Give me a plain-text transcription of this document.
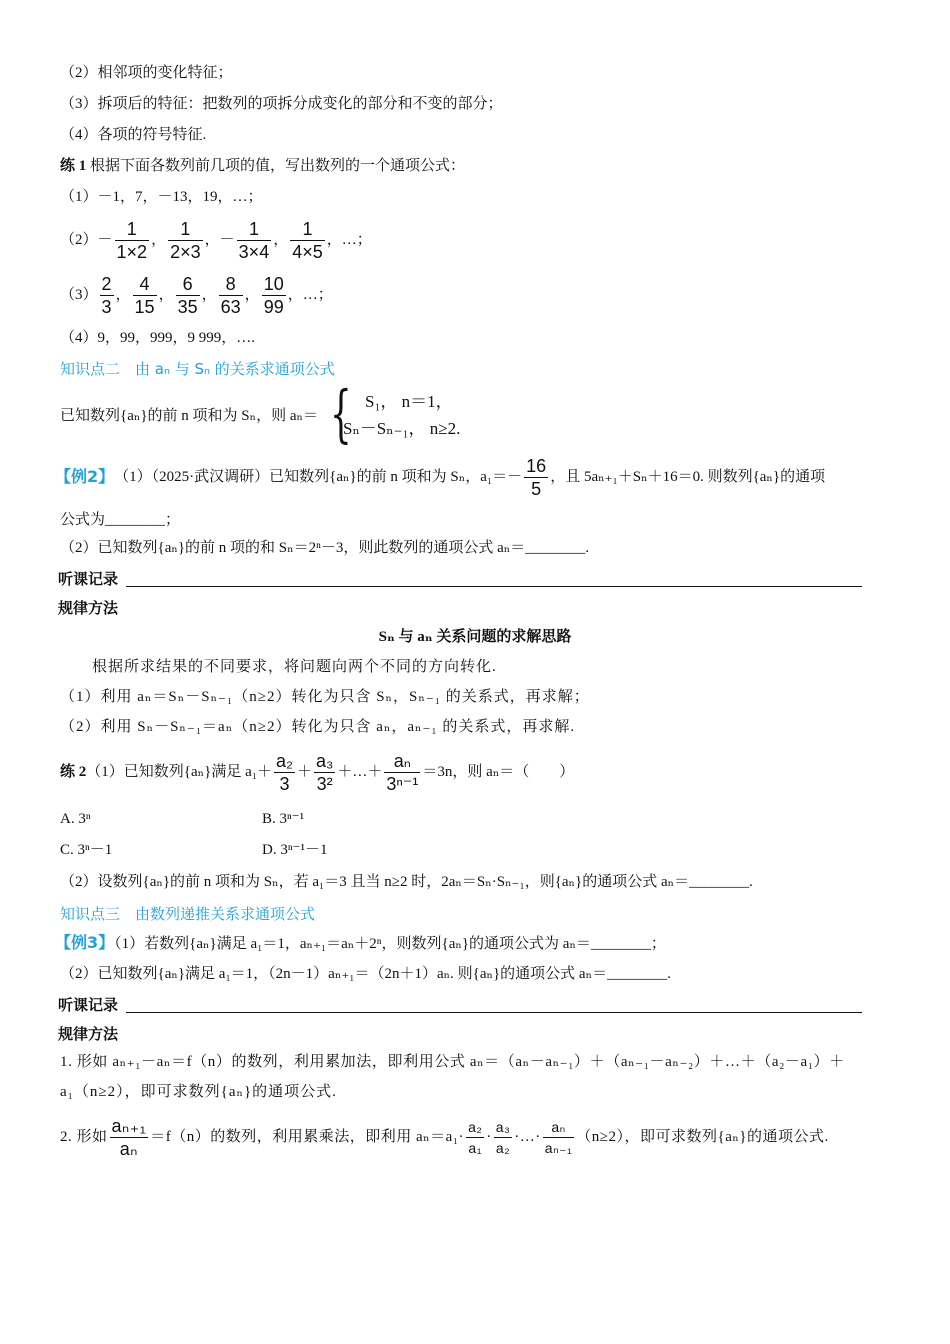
（2）相邻项的变化特征；
（3）拆项后的特征：把数列的项拆分成变化的部分和不变的部分；
（4）各项的符号特征.
练 1 根据下面各数列前几项的值，写出数列的一个通项公式：
（1）－1，7，－13，19，…；
$(2) - \frac{1}{1\times 2}$ ， $\frac{1}{2\times 3}$ ， － $\frac{1}{3\times 4}$ ， $\frac{1}{4\times 5}$ ，…；
$(3) \frac{2}{3}$ ， $\frac{4}{15}$ ， $\frac{6}{35}$ ， $\frac{8}{63}$ ， $\frac{10}{99}$ ，…；
（4）9，99，999，9 999，….
知识点二　由 aₙ 与 Sₙ 的关系求通项公式
已知数列{aₙ}的前 n 项和为 Sₙ，则 aₙ＝ { S₁， n＝1，
Sₙ－Sₙ₋₁， n≥2.
【例2】 （1）（2025·武汉调研）已知数列{aₙ}的前 n 项和为 Sₙ，$a_1=- \frac{16}{5}$ ，且 5aₙ₊₁＋Sₙ＋16＝0. 则数列{aₙ}的通项
公式为________；
（2）已知数列{aₙ}的前 n 项的和 Sₙ＝2ⁿ－3，则此数列的通项公式 aₙ＝________.
听课记录
规律方法
Sₙ 与 aₙ 关系问题的求解思路
根据所求结果的不同要求，将问题向两个不同的方向转化.
（1）利用 aₙ＝Sₙ－Sₙ₋₁（n≥2）转化为只含 Sₙ，Sₙ₋₁ 的关系式，再求解；
（2）利用 Sₙ－Sₙ₋₁＝aₙ（n≥2）转化为只含 aₙ，aₙ₋₁ 的关系式，再求解.
练 2 （1）已知数列{aₙ}满足 $a_1+ \frac{\text{a₂}}{3} + \frac{\text{a₃}}{\text{3²}}$ ＋…＋ $\frac{\text{aₙ}}{\text{3ⁿ⁻¹}} =3n$，则 aₙ＝（　　）
A. 3ⁿ	B. 3ⁿ⁻¹
C. 3ⁿ－1	D. 3ⁿ⁻¹－1
（2）设数列{aₙ}的前 n 项和为 Sₙ，若 a₁＝3 且当 n≥2 时，2aₙ＝Sₙ·Sₙ₋₁，则{aₙ}的通项公式 aₙ＝________.
知识点三　由数列递推关系求通项公式
【例3】（1）若数列{aₙ}满足 a₁＝1，aₙ₊₁＝aₙ＋2ⁿ，则数列{aₙ}的通项公式为 aₙ＝________；
（2）已知数列{aₙ}满足 a₁＝1，（2n－1）aₙ₊₁＝（2n＋1）aₙ. 则{aₙ}的通项公式 aₙ＝________.
听课记录
规律方法
1. 形如 aₙ₊₁－aₙ＝f（n）的数列，利用累加法，即利用公式 aₙ＝（aₙ－aₙ₋₁）＋（aₙ₋₁－aₙ₋₂）＋…＋（a₂－a₁）＋
a₁（n≥2），即可求数列{aₙ}的通项公式.
2. 形如 $\frac{\text{aₙ₊₁}}{\text{aₙ}} =f(n)$的数列，利用累乘法，即利用 $a_n=a_1\cdot \frac{\text{a₂}}{\text{a₁}} \cdot \frac{\text{a₃}}{\text{a₂}}$ ·…· $\frac{\text{aₙ}}{\text{aₙ₋₁}} (n\ge 2)$，即可求数列{aₙ}的通项公式.
